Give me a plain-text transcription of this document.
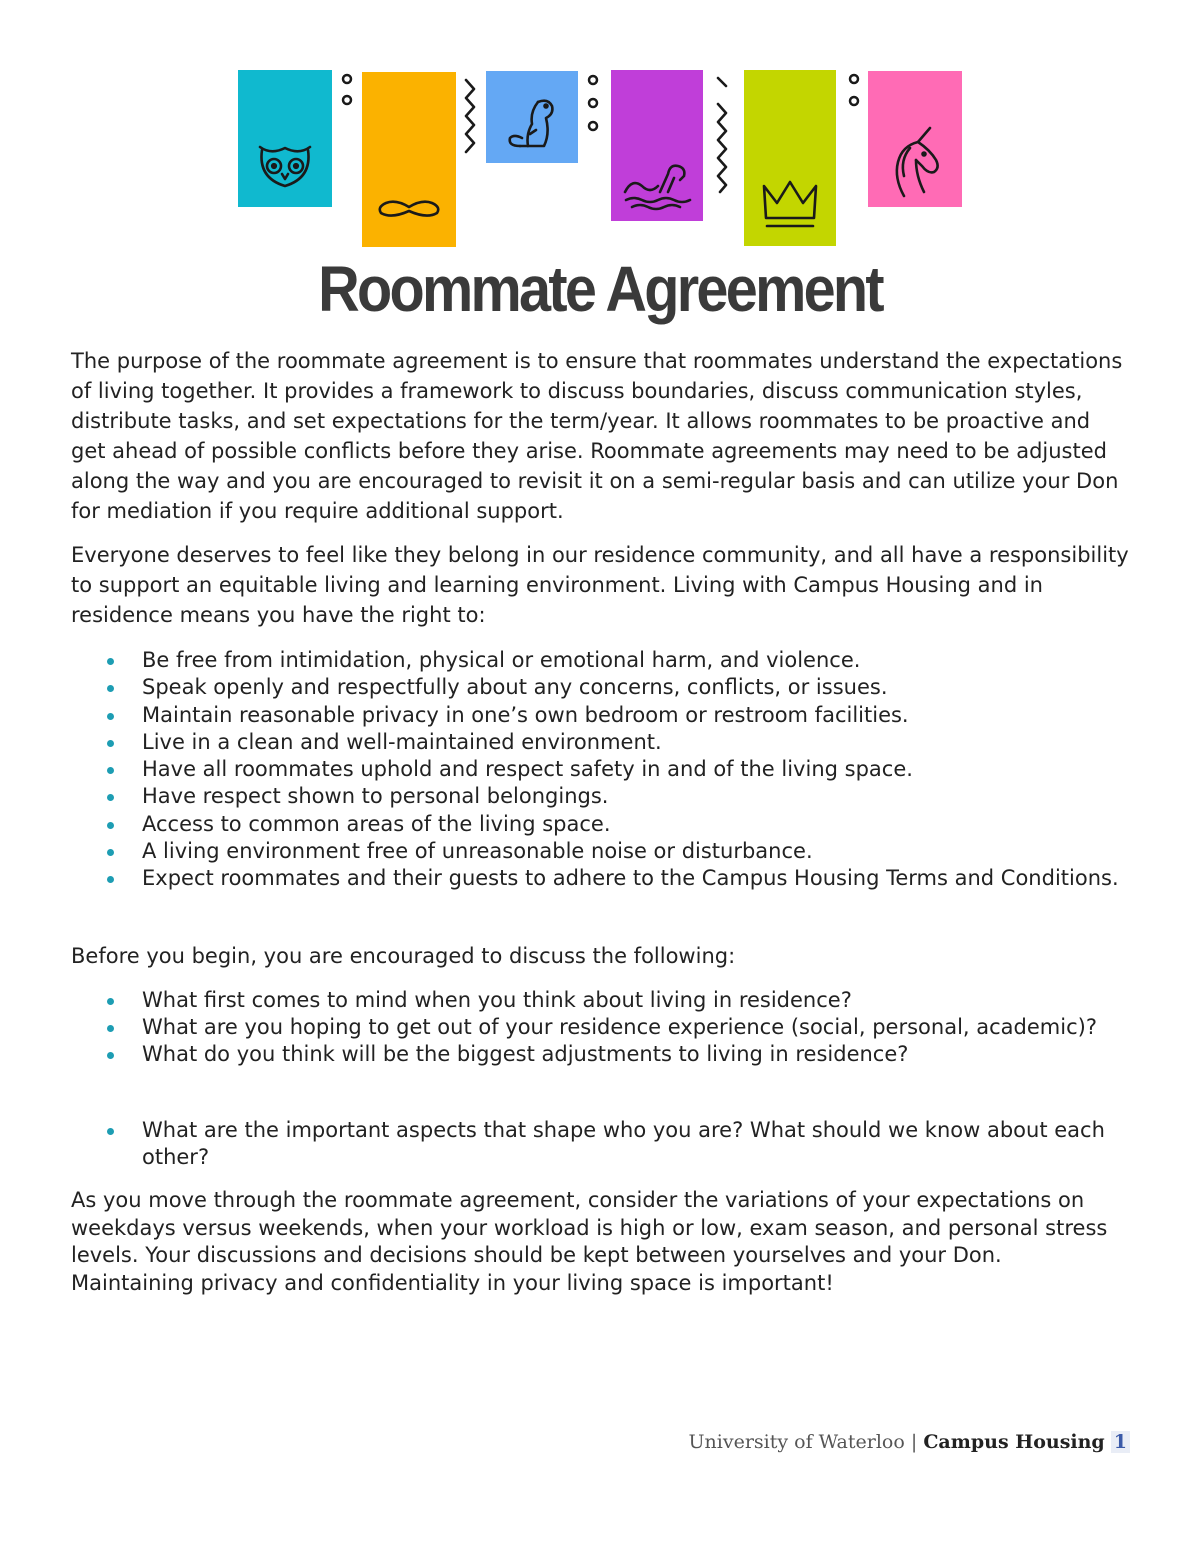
Roommate Agreement

The purpose of the roommate agreement is to ensure that roommates understand the expectations of living together. It provides a framework to discuss boundaries, discuss communication styles, distribute tasks, and set expectations for the term/year. It allows roommates to be proactive and get ahead of possible conflicts before they arise. Roommate agreements may need to be adjusted along the way and you are encouraged to revisit it on a semi-regular basis and can utilize your Don for mediation if you require additional support.

Everyone deserves to feel like they belong in our residence community, and all have a responsibility to support an equitable living and learning environment. Living with Campus Housing and in residence means you have the right to:

Be free from intimidation, physical or emotional harm, and violence.
Speak openly and respectfully about any concerns, conflicts, or issues.
Maintain reasonable privacy in one’s own bedroom or restroom facilities.
Live in a clean and well-maintained environment.
Have all roommates uphold and respect safety in and of the living space.
Have respect shown to personal belongings.
Access to common areas of the living space.
A living environment free of unreasonable noise or disturbance.
Expect roommates and their guests to adhere to the Campus Housing Terms and Conditions.

Before you begin, you are encouraged to discuss the following:

What first comes to mind when you think about living in residence?
What are you hoping to get out of your residence experience (social, personal, academic)?
What do you think will be the biggest adjustments to living in residence?
What are the important aspects that shape who you are? What should we know about each other?

As you move through the roommate agreement, consider the variations of your expectations on weekdays versus weekends, when your workload is high or low, exam season, and personal stress levels. Your discussions and decisions should be kept between yourselves and your Don. Maintaining privacy and confidentiality in your living space is important!

University of Waterloo | Campus Housing 1
